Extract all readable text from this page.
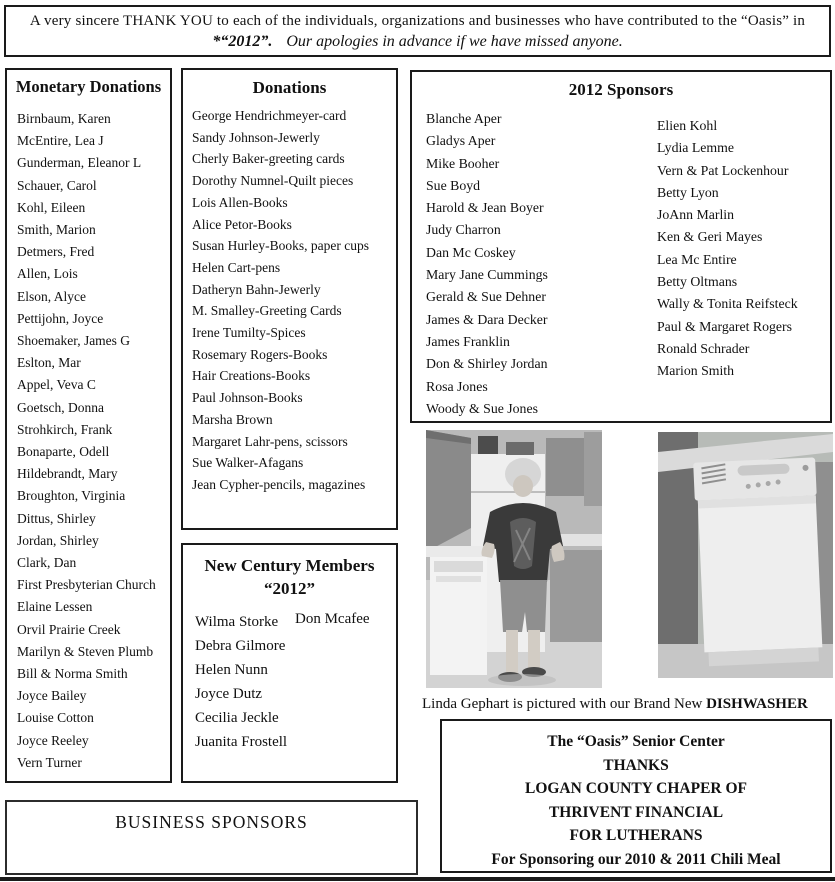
A very sincere THANK YOU to each of the individuals, organizations and businesses who have contributed to the “Oasis” in
*“2012”. Our apologies in advance if we have missed anyone.
Monetary Donations
Birnbaum, Karen
McEntire, Lea J
Gunderman, Eleanor L
Schauer, Carol
Kohl, Eileen
Smith, Marion
Detmers, Fred
Allen, Lois
Elson, Alyce
Pettijohn, Joyce
Shoemaker, James G
Eslton, Mar
Appel, Veva C
Goetsch, Donna
Strohkirch, Frank
Bonaparte, Odell
Hildebrandt, Mary
Broughton, Virginia
Dittus, Shirley
Jordan, Shirley
Clark, Dan
First Presbyterian Church
Elaine Lessen
Orvil Prairie Creek
Marilyn & Steven Plumb
Bill & Norma Smith
Joyce Bailey
Louise Cotton
Joyce Reeley
Vern Turner
Donations
George Hendrichmeyer-card
Sandy Johnson-Jewerly
Cherly Baker-greeting cards
Dorothy Numnel-Quilt pieces
Lois Allen-Books
Alice Petor-Books
Susan Hurley-Books, paper cups
Helen Cart-pens
Datheryn Bahn-Jewerly
M. Smalley-Greeting Cards
Irene Tumilty-Spices
Rosemary Rogers-Books
Hair Creations-Books
Paul Johnson-Books
Marsha Brown
Margaret Lahr-pens, scissors
Sue Walker-Afagans
Jean Cypher-pencils, magazines
New Century Members
“2012”
Wilma Storke
Debra Gilmore
Helen Nunn
Joyce Dutz
Cecilia Jeckle
Juanita Frostell
Don Mcafee
2012 Sponsors
Blanche Aper
Gladys Aper
Mike Booher
Sue Boyd
Harold & Jean Boyer
Judy Charron
Dan Mc Coskey
Mary Jane Cummings
Gerald & Sue Dehner
James & Dara Decker
James Franklin
Don & Shirley Jordan
Rosa Jones
Woody & Sue Jones
Elien Kohl
Lydia Lemme
Vern & Pat Lockenhour
Betty Lyon
JoAnn Marlin
Ken & Geri Mayes
Lea Mc Entire
Betty Oltmans
Wally & Tonita Reifsteck
Paul & Margaret Rogers
Ronald Schrader
Marion Smith
Linda Gephart is pictured with our Brand New DISHWASHER
The “Oasis” Senior Center
THANKS
LOGAN COUNTY CHAPER OF
THRIVENT FINANCIAL
FOR LUTHERANS
For Sponsoring our 2010 & 2011 Chili Meal
BUSINESS SPONSORS
